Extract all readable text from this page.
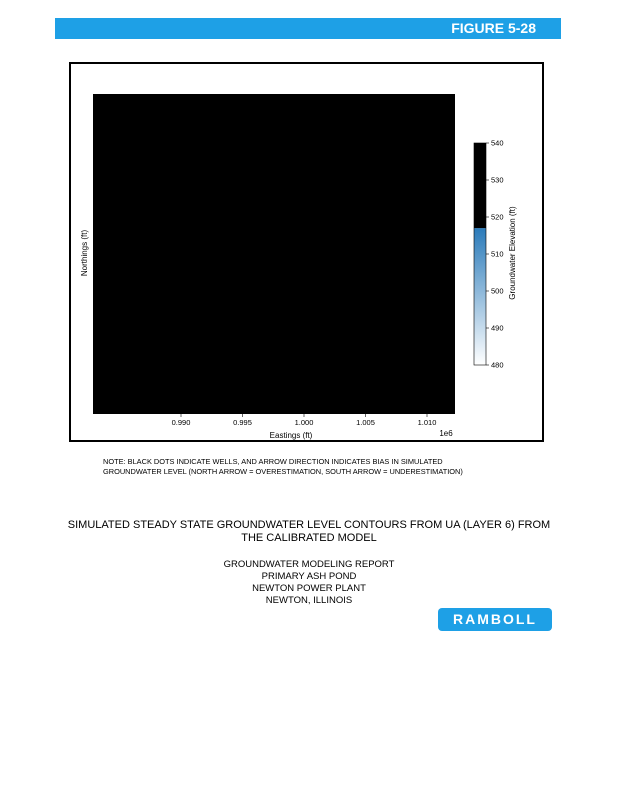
FIGURE 5-28
0.990	0.995	1.000	1.005	1.010
Eastings (ft)	1e6
Northings (ft)
480
490
500
510
520
530
540
Groundwater Elevation (ft)
NOTE: BLACK DOTS INDICATE WELLS, AND ARROW DIRECTION INDICATES BIAS IN SIMULATED
GROUNDWATER LEVEL (NORTH ARROW = OVERESTIMATION, SOUTH ARROW = UNDERESTIMATION)
SIMULATED STEADY STATE GROUNDWATER LEVEL CONTOURS FROM UA (LAYER 6) FROM
THE CALIBRATED MODEL
GROUNDWATER MODELING REPORT
PRIMARY ASH POND
NEWTON POWER PLANT
NEWTON, ILLINOIS
RAMBOLL
